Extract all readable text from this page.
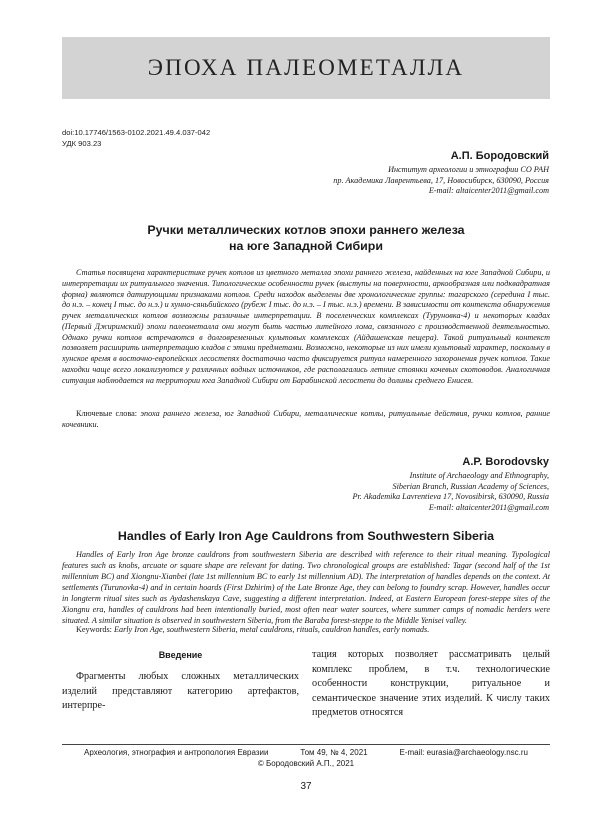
ЭПОХА ПАЛЕОМЕТАЛЛА
doi:10.17746/1563-0102.2021.49.4.037-042
УДК 903.23
А.П. Бородовский
Институт археологии и этнографии СО РАН
пр. Академика Лаврентьева, 17, Новосибирск, 630090, Россия
E-mail: altaicenter2011@gmail.com
Ручки металлических котлов эпохи раннего железа
на юге Западной Сибири

Статья посвящена характеристике ручек котлов из цветного металла эпохи раннего железа, найденных на юге Западной Сибири, и интерпретации их ритуального значения. Типологические особенности ручек (выступы на поверхности, аркообразная или подквадратная форма) являются датирующими признаками котлов. Среди находок выделены две хронологические группы: тагарского (середина I тыс. до н.э. – конец I тыс. до н.э.) и хунно-сяньбийского (рубеж I тыс. до н.э. – I тыс. н.э.) времени. В зависимости от контекста обнаружения ручек металлических котлов возможны различные интерпретации. В поселенческих комплексах (Туруновка-4) и некоторых кладах (Первый Джиримский) эпохи палеометалла они могут быть частью литейного лома, связанного с производственной деятельностью. Однако ручки котлов встречаются в долговременных культовых комплексах (Айдашенская пещера). Такой ритуальный контекст позволяет расширить интерпретацию кладов с этими предметами. Возможно, некоторые из них имели культовый характер, поскольку в хунское время в восточно-европейских лесостепях достаточно часто фиксируется ритуал намеренного захоронения ручек котлов. Такие находки чаще всего локализуются у различных водных источников, где располагались летние стоянки кочевых скотоводов. Аналогичная ситуация наблюдается на территории юга Западной Сибири от Барабинской лесостепи до долины среднего Енисея.

Ключевые слова: эпоха раннего железа, юг Западной Сибири, металлические котлы, ритуальные действия, ручки котлов, ранние кочевники.
A.P. Borodovsky
Institute of Archaeology and Ethnography,
Siberian Branch, Russian Academy of Sciences,
Pr. Akademika Lavrentieva 17, Novosibirsk, 630090, Russia
E-mail: altaicenter2011@gmail.com
Handles of Early Iron Age Cauldrons from Southwestern Siberia

Handles of Early Iron Age bronze cauldrons from southwestern Siberia are described with reference to their ritual meaning. Typological features such as knobs, arcuate or square shape are relevant for dating. Two chronological groups are established: Tagar (second half of the 1st millennium BC) and Xiongnu-Xianbei (late 1st millennium BC to early 1st millennium AD). The interpretation of handles depends on the context. At settlements (Turunovka-4) and in certain hoards (First Dzhirim) of the Late Bronze Age, they can belong to foundry scrap. However, handles occur in longterm ritual sites such as Aydashenskaya Cave, suggesting a different interpretation. Indeed, at Eastern European forest-steppe sites of the Xiongnu era, handles of cauldrons had been intentionally buried, most often near water sources, where summer camps of nomadic herders were situated. A similar situation is observed in southwestern Siberia, from the Baraba forest-steppe to the Middle Yenisei valley.

Keywords: Early Iron Age, southwestern Siberia, metal cauldrons, rituals, cauldron handles, early nomads.
Введение

Фрагменты любых сложных металлических изделий представляют категорию артефактов, интерпре-

тация которых позволяет рассматривать целый комплекс проблем, в т.ч. технологические особенности конструкции, ритуальное и семантическое значение этих изделий. К числу таких предметов относятся

Археология, этнография и антропология Евразии	Том 49, № 4, 2021	E-mail: eurasia@archaeology.nsc.ru
© Бородовский А.П., 2021
37
